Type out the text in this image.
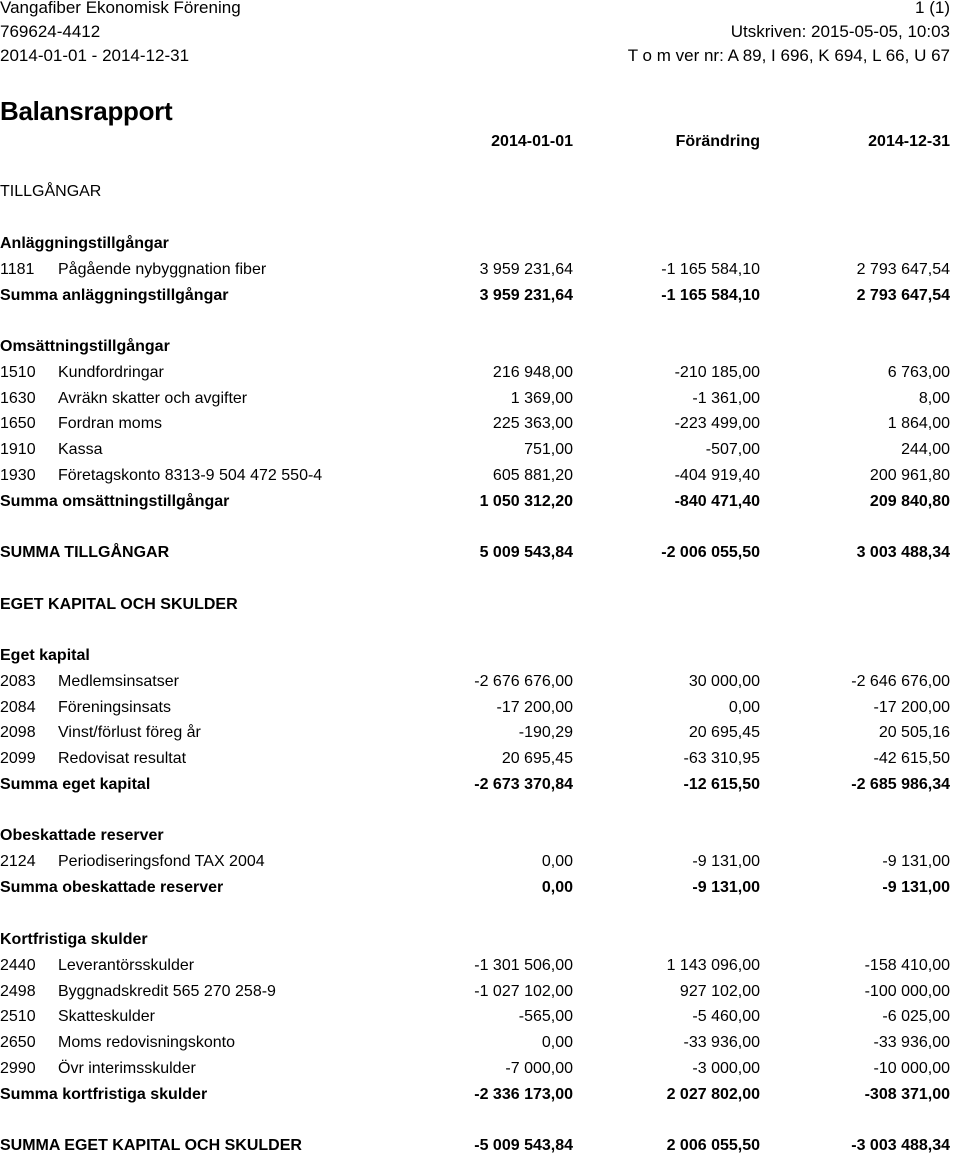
Vangafiber Ekonomisk Förening	1 (1)
769624-4412	Utskriven: 2015-05-05, 10:03
2014-01-01 - 2014-12-31	T o m ver nr: A 89, I 696, K 694, L 66, U 67
Balansrapport
2014-01-01	Förändring	2014-12-31
TILLGÅNGAR
Anläggningstillgångar
1181 Pågående nybyggnation fiber	3 959 231,64	-1 165 584,10	2 793 647,54
Summa anläggningstillgångar	3 959 231,64	-1 165 584,10	2 793 647,54
Omsättningstillgångar
1510 Kundfordringar	216 948,00	-210 185,00	6 763,00
1630 Avräkn skatter och avgifter	1 369,00	-1 361,00	8,00
1650 Fordran moms	225 363,00	-223 499,00	1 864,00
1910 Kassa	751,00	-507,00	244,00
1930 Företagskonto 8313-9 504 472 550-4	605 881,20	-404 919,40	200 961,80
Summa omsättningstillgångar	1 050 312,20	-840 471,40	209 840,80
SUMMA TILLGÅNGAR	5 009 543,84	-2 006 055,50	3 003 488,34
EGET KAPITAL OCH SKULDER
Eget kapital
2083 Medlemsinsatser	-2 676 676,00	30 000,00	-2 646 676,00
2084 Föreningsinsats	-17 200,00	0,00	-17 200,00
2098 Vinst/förlust föreg år	-190,29	20 695,45	20 505,16
2099 Redovisat resultat	20 695,45	-63 310,95	-42 615,50
Summa eget kapital	-2 673 370,84	-12 615,50	-2 685 986,34
Obeskattade reserver
2124 Periodiseringsfond TAX 2004	0,00	-9 131,00	-9 131,00
Summa obeskattade reserver	0,00	-9 131,00	-9 131,00
Kortfristiga skulder
2440 Leverantörsskulder	-1 301 506,00	1 143 096,00	-158 410,00
2498 Byggnadskredit 565 270 258-9	-1 027 102,00	927 102,00	-100 000,00
2510 Skatteskulder	-565,00	-5 460,00	-6 025,00
2650 Moms redovisningskonto	0,00	-33 936,00	-33 936,00
2990 Övr interimsskulder	-7 000,00	-3 000,00	-10 000,00
Summa kortfristiga skulder	-2 336 173,00	2 027 802,00	-308 371,00
SUMMA EGET KAPITAL OCH SKULDER	-5 009 543,84	2 006 055,50	-3 003 488,34
